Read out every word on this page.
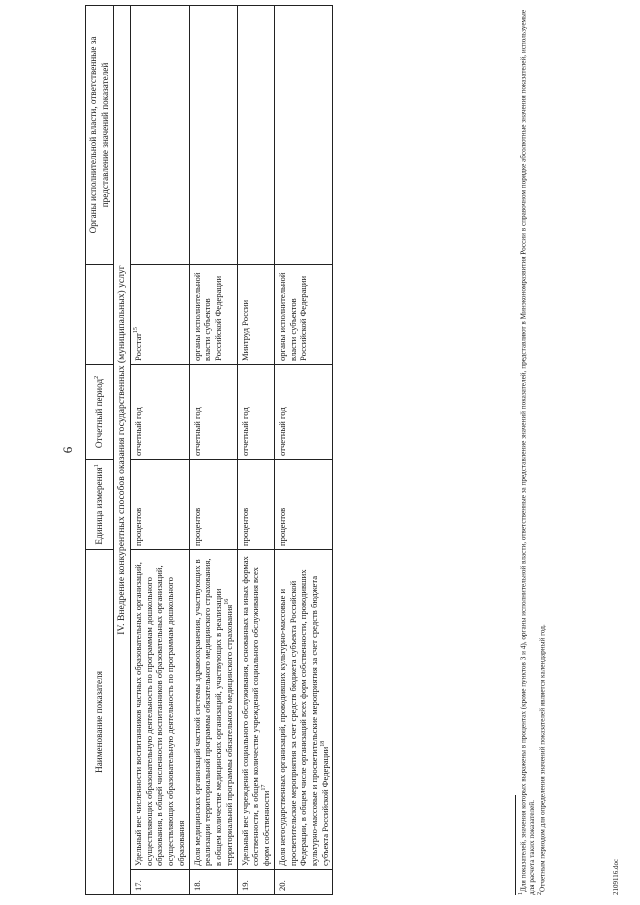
6
Наименование показателя		Единица измерения$^1$	Отчетный период$^2$		Органы исполнительной власти, ответственные за представление значений показателей
IV. Внедрение конкурентных способов оказания государственных (муниципальных) услуг					
17.	Удельный вес численности воспитанников частных образовательных организаций, осуществляющих образовательную деятельность по программам дошкольного образования, в общей численности воспитанников образовательных организаций, осуществляющих образовательную деятельность по программам дошкольного образования	процентов	отчетный год	Росстат$^{15}$	
18.	Доля медицинских организаций частной системы здравоохранения, участвующих в реализации территориальной программы обязательного медицинского страхования, в общем количестве медицинских организаций, участвующих в реализации территориальной программы обязательного медицинского страхования$^{16}$	процентов	отчетный год	органы исполнительной власти субъектов Российской Федерации	
19.	Удельный вес учреждений социального обслуживания, основанных на иных формах собственности, в общем количестве учреждений социального обслуживания всех форм собственности$^{17}$	процентов	отчетный год	Минтруд России	
20.	Доля негосударственных организаций, проводивших культурно-массовые и просветительские мероприятия за счет средств бюджета субъекта Российской Федерации, в общем числе организаций всех форм собственности, проводивших культурно-массовые и просветительские мероприятия за счет средств бюджета субъекта Российской Федерации$^{18}$	процентов	отчетный год	органы исполнительной власти субъектов Российской Федерации	
$^1$Для показателей, значения которых выражены в процентах (кроме пунктов 3 и 4), органы исполнительной власти, ответственные за представление значений показателей, представляют в Минэкономразвития России в справочном порядке абсолютные значения показателей, используемые для расчета таких показателей. $^2$Отчетным периодом для определения значений показателей является календарный год.	2109116.doc
